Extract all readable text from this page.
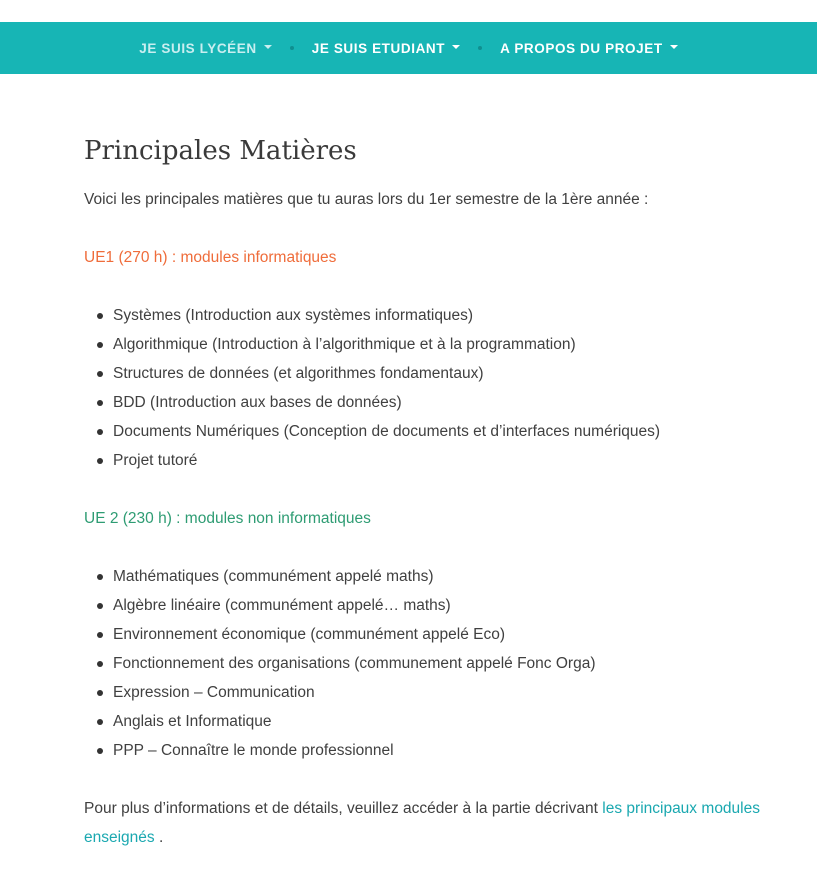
JE SUIS LYCÉEN	JE SUIS ETUDIANT	A PROPOS DU PROJET
Principales Matières

Voici les principales matières que tu auras lors du 1er semestre de la 1ère année :

UE1 (270 h) : modules informatiques

Systèmes (Introduction aux systèmes informatiques)
Algorithmique (Introduction à l’algorithmique et à la programmation)
Structures de données (et algorithmes fondamentaux)
BDD (Introduction aux bases de données)
Documents Numériques (Conception de documents et d’interfaces numériques)
Projet tutoré

UE 2 (230 h) : modules non informatiques

Mathématiques (communément appelé maths)
Algèbre linéaire (communément appelé… maths)
Environnement économique (communément appelé Eco)
Fonctionnement des organisations (communement appelé Fonc Orga)
Expression – Communication
Anglais et Informatique
PPP – Connaître le monde professionnel

Pour plus d’informations et de détails, veuillez accéder à la partie décrivant les principaux modules enseignés .
